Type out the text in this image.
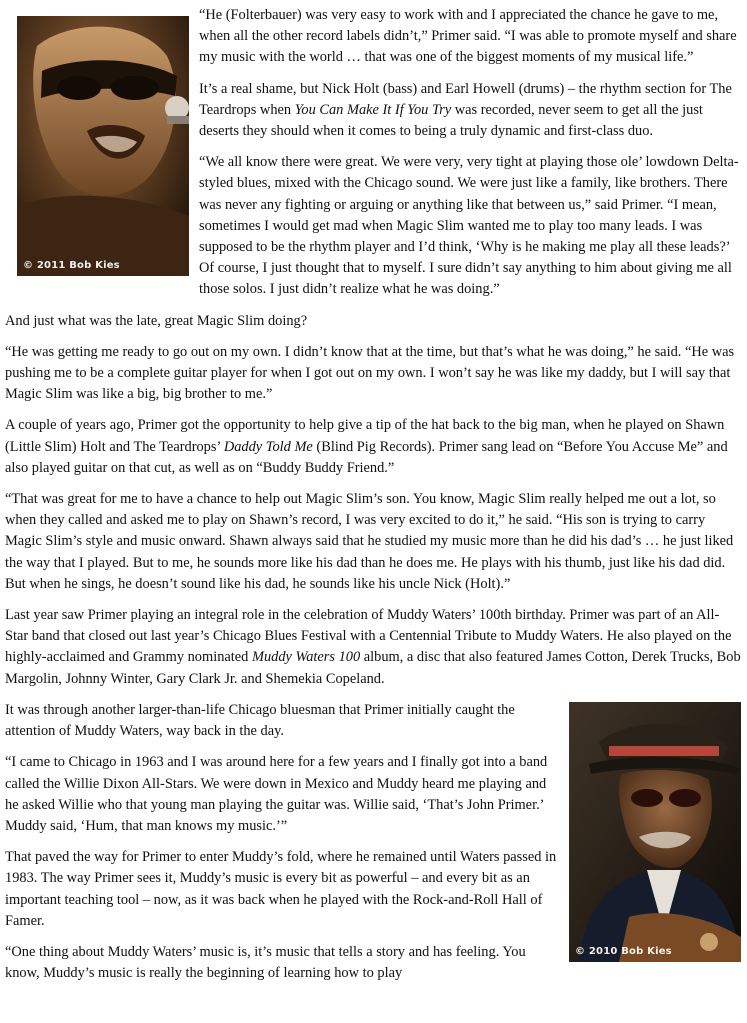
© 2011 Bob Kies

“He (Folterbauer) was very easy to work with and I appreciated the chance he gave to me, when all the other record labels didn’t,” Primer said. “I was able to promote myself and share my music with the world … that was one of the biggest moments of my musical life.”

It’s a real shame, but Nick Holt (bass) and Earl Howell (drums) – the rhythm section for The Teardrops when You Can Make It If You Try was recorded, never seem to get all the just deserts they should when it comes to being a truly dynamic and first-class duo.

“We all know there were great. We were very, very tight at playing those ole’ lowdown Delta-styled blues, mixed with the Chicago sound. We were just like a family, like brothers. There was never any fighting or arguing or anything like that between us,” said Primer. “I mean, sometimes I would get mad when Magic Slim wanted me to play too many leads. I was supposed to be the rhythm player and I’d think, ‘Why is he making me play all these leads?’ Of course, I just thought that to myself. I sure didn’t say anything to him about giving me all those solos. I just didn’t realize what he was doing.”

And just what was the late, great Magic Slim doing?

“He was getting me ready to go out on my own. I didn’t know that at the time, but that’s what he was doing,” he said. “He was pushing me to be a complete guitar player for when I got out on my own. I won’t say he was like my daddy, but I will say that Magic Slim was like a big, big brother to me.”

A couple of years ago, Primer got the opportunity to help give a tip of the hat back to the big man, when he played on Shawn (Little Slim) Holt and The Teardrops’ Daddy Told Me (Blind Pig Records). Primer sang lead on “Before You Accuse Me” and also played guitar on that cut, as well as on “Buddy Buddy Friend.”

“That was great for me to have a chance to help out Magic Slim’s son. You know, Magic Slim really helped me out a lot, so when they called and asked me to play on Shawn’s record, I was very excited to do it,” he said. “His son is trying to carry Magic Slim’s style and music onward. Shawn always said that he studied my music more than he did his dad’s … he just liked the way that I played. But to me, he sounds more like his dad than he does me. He plays with his thumb, just like his dad did. But when he sings, he doesn’t sound like his dad, he sounds like his uncle Nick (Holt).”

Last year saw Primer playing an integral role in the celebration of Muddy Waters’ 100th birthday. Primer was part of an All-Star band that closed out last year’s Chicago Blues Festival with a Centennial Tribute to Muddy Waters. He also played on the highly-acclaimed and Grammy nominated Muddy Waters 100 album, a disc that also featured James Cotton, Derek Trucks, Bob Margolin, Johnny Winter, Gary Clark Jr. and Shemekia Copeland.

© 2010 Bob Kies

It was through another larger-than-life Chicago bluesman that Primer initially caught the attention of Muddy Waters, way back in the day.

“I came to Chicago in 1963 and I was around here for a few years and I finally got into a band called the Willie Dixon All-Stars. We were down in Mexico and Muddy heard me playing and he asked Willie who that young man playing the guitar was. Willie said, ‘That’s John Primer.’ Muddy said, ‘Hum, that man knows my music.’”

That paved the way for Primer to enter Muddy’s fold, where he remained until Waters passed in 1983. The way Primer sees it, Muddy’s music is every bit as powerful – and every bit as an important teaching tool – now, as it was back when he played with the Rock-and-Roll Hall of Famer.

“One thing about Muddy Waters’ music is, it’s music that tells a story and has feeling. You know, Muddy’s music is really the beginning of learning how to play
